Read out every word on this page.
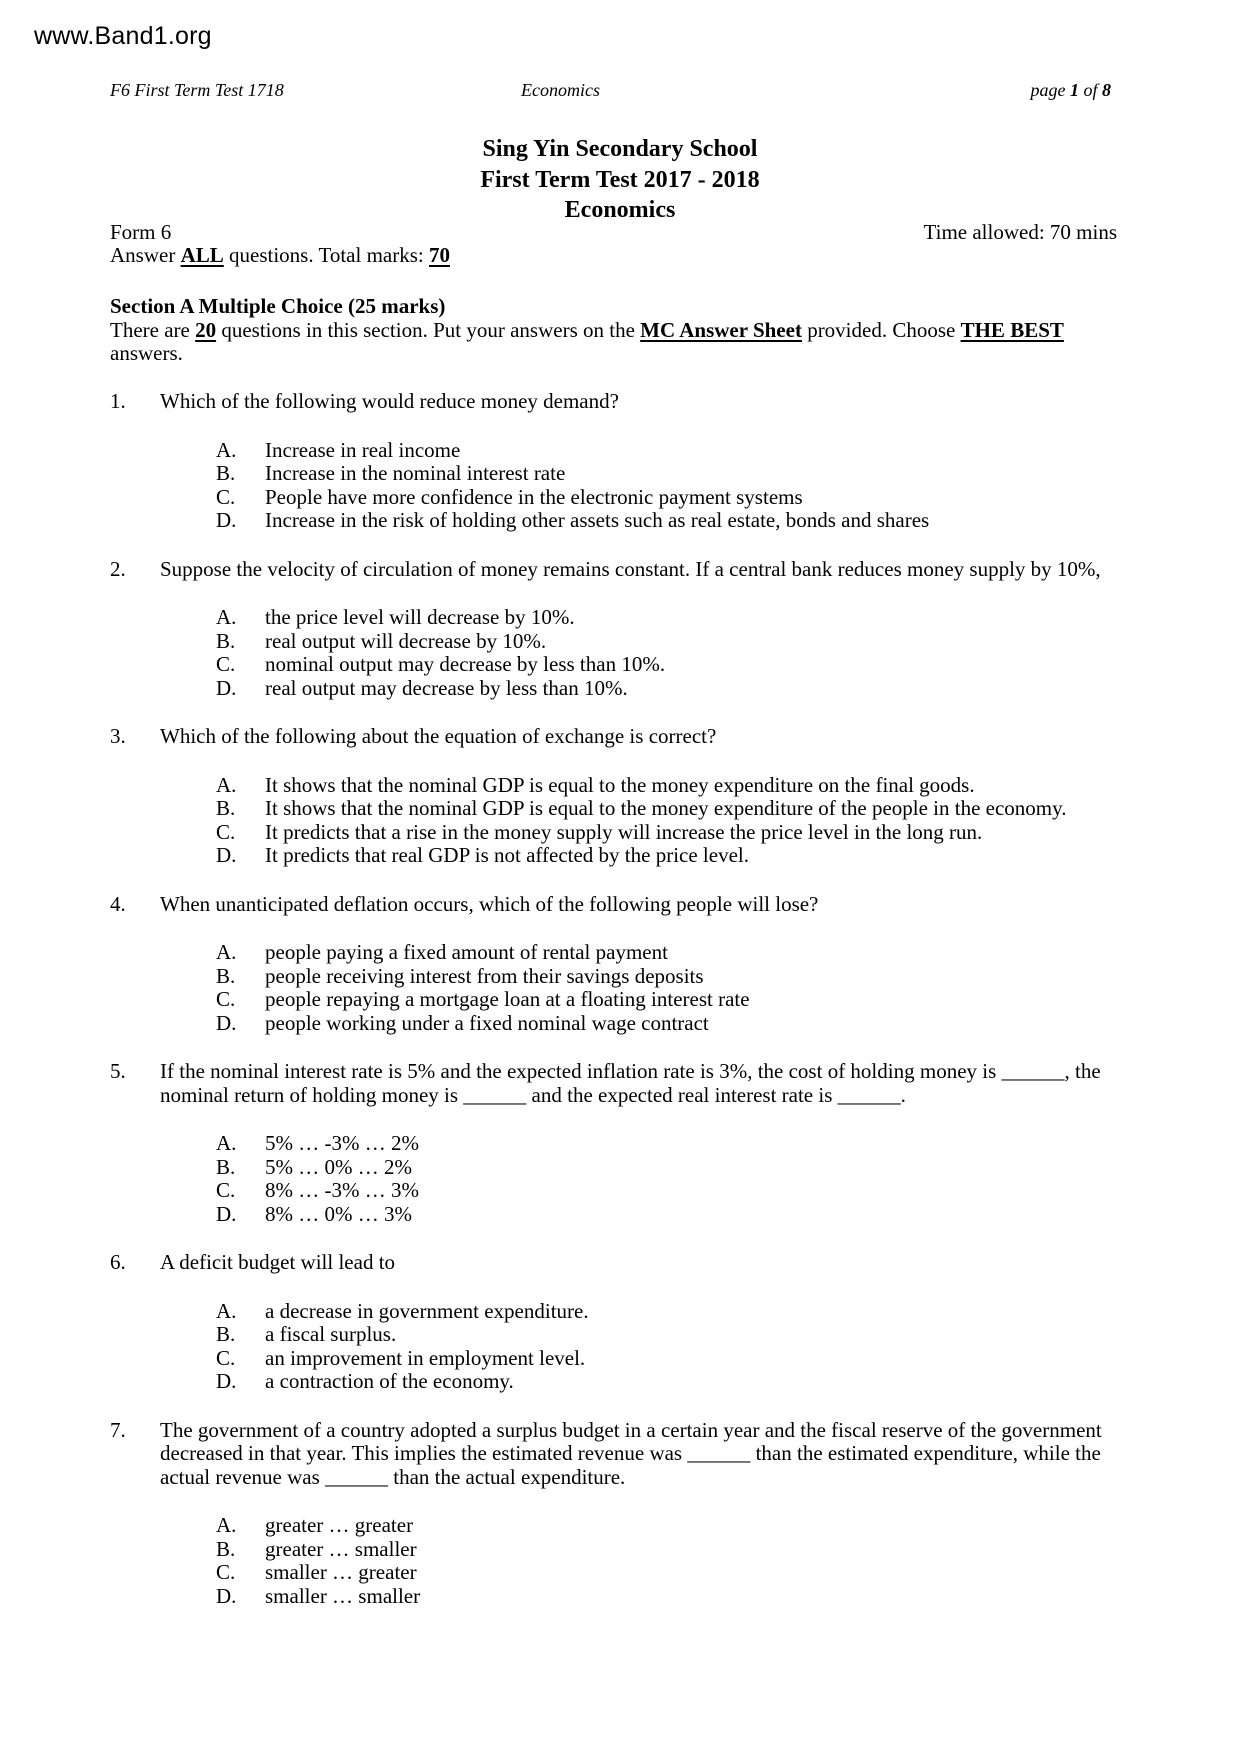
www.Band1.org
F6 First Term Test 1718	Economics	page 1 of 8
Sing Yin Secondary School
First Term Test 2017 - 2018
Economics
Form 6	Time allowed: 70 mins
Answer ALL questions. Total marks: 70
Section A Multiple Choice (25 marks)
There are 20 questions in this section. Put your answers on the MC Answer Sheet provided. Choose THE BEST
answers.
1. Which of the following would reduce money demand?
A. Increase in real income
B. Increase in the nominal interest rate
C. People have more confidence in the electronic payment systems
D. Increase in the risk of holding other assets such as real estate, bonds and shares
2. Suppose the velocity of circulation of money remains constant. If a central bank reduces money supply by 10%,
A. the price level will decrease by 10%.
B. real output will decrease by 10%.
C. nominal output may decrease by less than 10%.
D. real output may decrease by less than 10%.
3. Which of the following about the equation of exchange is correct?
A. It shows that the nominal GDP is equal to the money expenditure on the final goods.
B. It shows that the nominal GDP is equal to the money expenditure of the people in the economy.
C. It predicts that a rise in the money supply will increase the price level in the long run.
D. It predicts that real GDP is not affected by the price level.
4. When unanticipated deflation occurs, which of the following people will lose?
A. people paying a fixed amount of rental payment
B. people receiving interest from their savings deposits
C. people repaying a mortgage loan at a floating interest rate
D. people working under a fixed nominal wage contract
5. If the nominal interest rate is 5% and the expected inflation rate is 3%, the cost of holding money is ______, the
nominal return of holding money is ______ and the expected real interest rate is ______.
A. 5% … -3% … 2%
B. 5% … 0% … 2%
C. 8% … -3% … 3%
D. 8% … 0% … 3%
6. A deficit budget will lead to
A. a decrease in government expenditure.
B. a fiscal surplus.
C. an improvement in employment level.
D. a contraction of the economy.
7. The government of a country adopted a surplus budget in a certain year and the fiscal reserve of the government
decreased in that year. This implies the estimated revenue was ______ than the estimated expenditure, while the
actual revenue was ______ than the actual expenditure.
A. greater … greater
B. greater … smaller
C. smaller … greater
D. smaller … smaller
